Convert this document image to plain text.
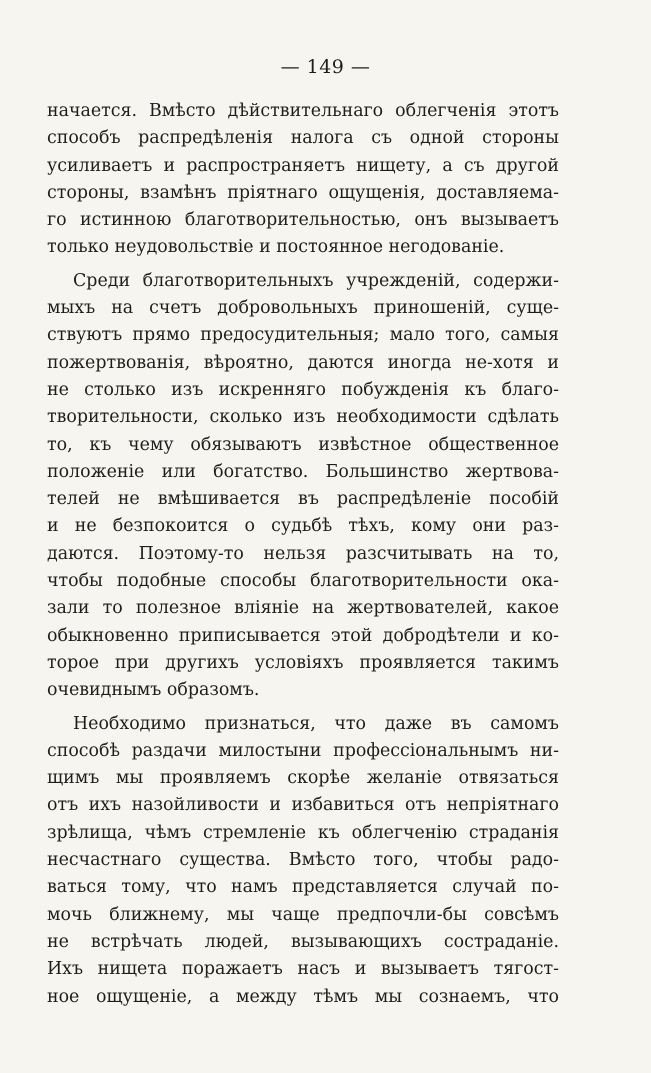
— 149 —
начается. Вмѣсто дѣйствительнаго облегченія этотъ
способъ распредѣленія налога съ одной стороны
усиливаетъ и распространяетъ нищету, а съ другой
стороны, взамѣнъ пріятнаго ощущенія, доставляема-
го истинною благотворительностью, онъ вызываетъ
только неудовольствіе и постоянное негодованіе.
Среди благотворительныхъ учрежденій, содержи-
мыхъ на счетъ добровольныхъ приношеній, суще-
ствуютъ прямо предосудительныя; мало того, самыя
пожертвованія, вѣроятно, даются иногда не-хотя и
не столько изъ искренняго побужденія къ благо-
творительности, сколько изъ необходимости сдѣлать
то, къ чему обязываютъ извѣстное общественное
положеніе или богатство. Большинство жертвова-
телей не вмѣшивается въ распредѣленіе пособій
и не безпокоится о судьбѣ тѣхъ, кому они раз-
даются. Поэтому-то нельзя разсчитывать на то,
чтобы подобные способы благотворительности ока-
зали то полезное вліяніе на жертвователей, какое
обыкновенно приписывается этой добродѣтели и ко-
торое при другихъ условіяхъ проявляется такимъ
очевиднымъ образомъ.
Необходимо признаться, что даже въ самомъ
способѣ раздачи милостыни профессіональнымъ ни-
щимъ мы проявляемъ скорѣе желаніе отвязаться
отъ ихъ назойливости и избавиться отъ непріятнаго
зрѣлища, чѣмъ стремленіе къ облегченію страданія
несчастнаго существа. Вмѣсто того, чтобы радо-
ваться тому, что намъ представляется случай по-
мочь ближнему, мы чаще предпочли-бы совсѣмъ
не встрѣчать людей, вызывающихъ состраданіе.
Ихъ нищета поражаетъ насъ и вызываетъ тягост-
ное ощущеніе, а между тѣмъ мы сознаемъ, что
